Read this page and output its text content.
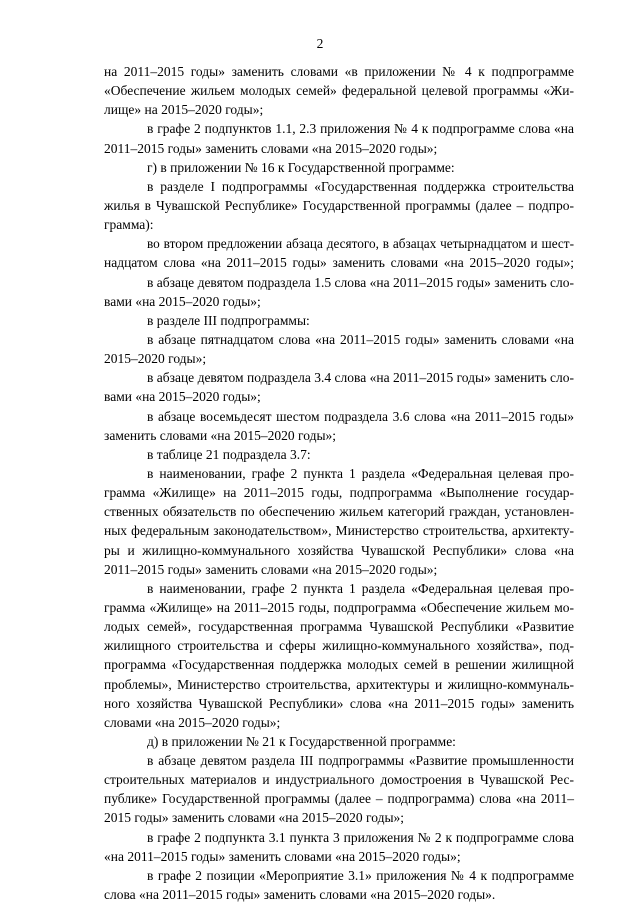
2
на 2011–2015 годы» заменить словами «в приложении № 4 к подпрограмме
«Обеспечение жильем молодых семей» федеральной целевой программы «Жи-
лище» на 2015–2020 годы»;
в графе 2 подпунктов 1.1, 2.3 приложения № 4 к подпрограмме слова «на
2011–2015 годы» заменить словами «на 2015–2020 годы»;
г) в приложении № 16 к Государственной программе:
в разделе I подпрограммы «Государственная поддержка строительства
жилья в Чувашской Республике» Государственной программы (далее – подпро-
грамма):
во втором предложении абзаца десятого, в абзацах четырнадцатом и шест-
надцатом слова «на 2011–2015 годы» заменить словами «на 2015–2020 годы»;
в абзаце девятом подраздела 1.5 слова «на 2011–2015 годы» заменить сло-
вами «на 2015–2020 годы»;
в разделе III подпрограммы:
в абзаце пятнадцатом слова «на 2011–2015 годы» заменить словами «на
2015–2020 годы»;
в абзаце девятом подраздела 3.4 слова «на 2011–2015 годы» заменить сло-
вами «на 2015–2020 годы»;
в абзаце восемьдесят шестом подраздела 3.6 слова «на 2011–2015 годы»
заменить словами «на 2015–2020 годы»;
в таблице 21 подраздела 3.7:
в наименовании, графе 2 пункта 1 раздела «Федеральная целевая про-
грамма «Жилище» на 2011–2015 годы, подпрограмма «Выполнение государ-
ственных обязательств по обеспечению жильем категорий граждан, установлен-
ных федеральным законодательством», Министерство строительства, архитекту-
ры и жилищно-коммунального хозяйства Чувашской Республики» слова «на
2011–2015 годы» заменить словами «на 2015–2020 годы»;
в наименовании, графе 2 пункта 1 раздела «Федеральная целевая про-
грамма «Жилище» на 2011–2015 годы, подпрограмма «Обеспечение жильем мо-
лодых семей», государственная программа Чувашской Республики «Развитие
жилищного строительства и сферы жилищно-коммунального хозяйства», под-
программа «Государственная поддержка молодых семей в решении жилищной
проблемы», Министерство строительства, архитектуры и жилищно-коммуналь-
ного хозяйства Чувашской Республики» слова «на 2011–2015 годы» заменить
словами «на 2015–2020 годы»;
д) в приложении № 21 к Государственной программе:
в абзаце девятом раздела III подпрограммы «Развитие промышленности
строительных материалов и индустриального домостроения в Чувашской Рес-
публике» Государственной программы (далее – подпрограмма) слова «на 2011–
2015 годы» заменить словами «на 2015–2020 годы»;
в графе 2 подпункта 3.1 пункта 3 приложения № 2 к подпрограмме слова
«на 2011–2015 годы» заменить словами «на 2015–2020 годы»;
в графе 2 позиции «Мероприятие 3.1» приложения № 4 к подпрограмме
слова «на 2011–2015 годы» заменить словами «на 2015–2020 годы».
